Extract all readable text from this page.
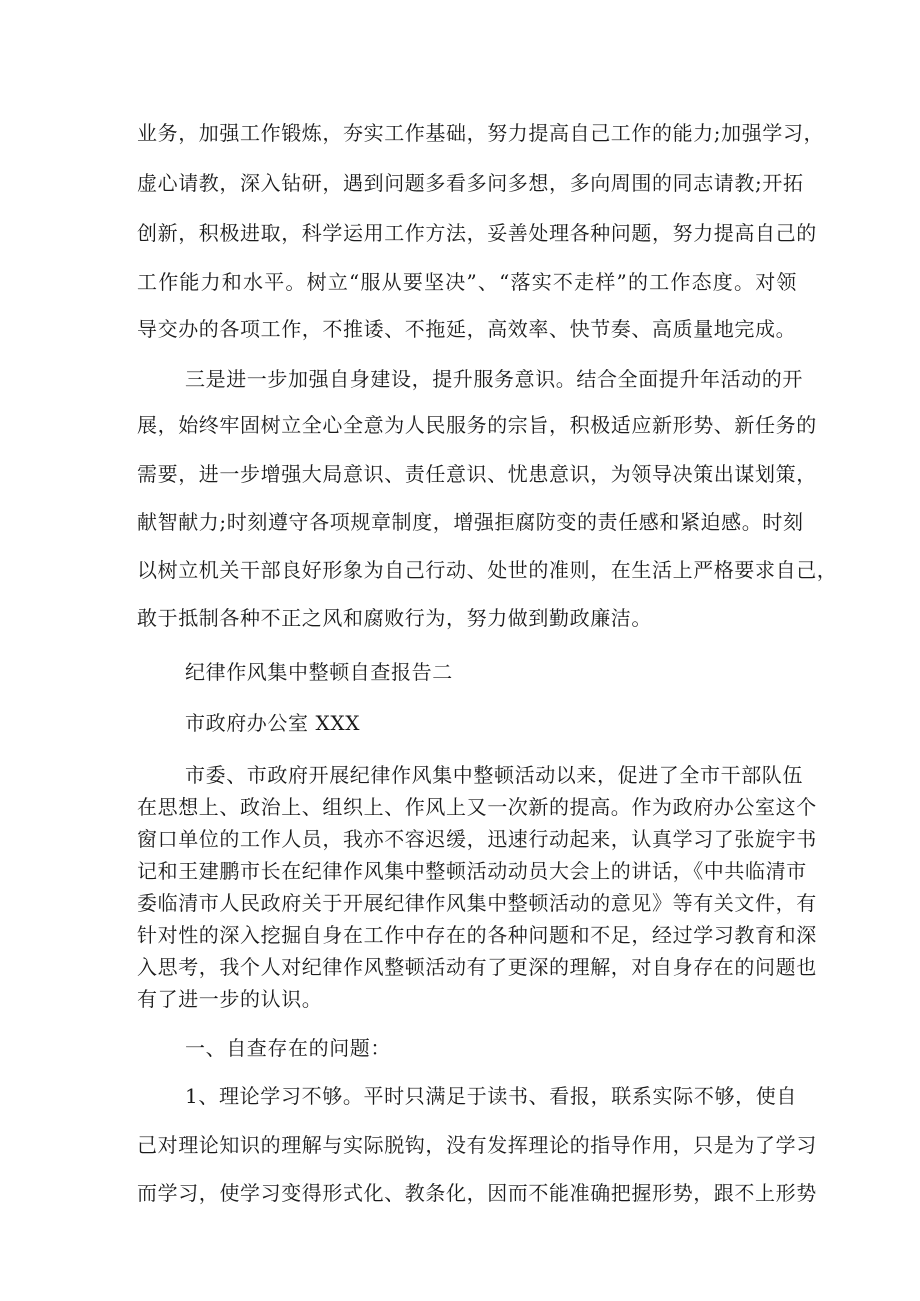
业务，加强工作锻炼，夯实工作基础，努力提高自己工作的能力;加强学习，
虚心请教，深入钻研，遇到问题多看多问多想，多向周围的同志请教;开拓
创新，积极进取，科学运用工作方法，妥善处理各种问题，努力提高自己的
工作能力和水平。树立“服从要坚决”、“落实不走样”的工作态度。对领
导交办的各项工作，不推诿、不拖延，高效率、快节奏、高质量地完成。
三是进一步加强自身建设，提升服务意识。结合全面提升年活动的开
展，始终牢固树立全心全意为人民服务的宗旨，积极适应新形势、新任务的
需要，进一步增强大局意识、责任意识、忧患意识，为领导决策出谋划策，
献智献力;时刻遵守各项规章制度，增强拒腐防变的责任感和紧迫感。时刻
以树立机关干部良好形象为自己行动、处世的准则，在生活上严格要求自己，
敢于抵制各种不正之风和腐败行为，努力做到勤政廉洁。
纪律作风集中整顿自查报告二
市政府办公室 XXX
市委、市政府开展纪律作风集中整顿活动以来，促进了全市干部队伍
在思想上、政治上、组织上、作风上又一次新的提高。作为政府办公室这个
窗口单位的工作人员，我亦不容迟缓，迅速行动起来，认真学习了张旋宇书
记和王建鹏市长在纪律作风集中整顿活动动员大会上的讲话，《中共临清市
委临清市人民政府关于开展纪律作风集中整顿活动的意见》等有关文件，有
针对性的深入挖掘自身在工作中存在的各种问题和不足，经过学习教育和深
入思考，我个人对纪律作风整顿活动有了更深的理解，对自身存在的问题也
有了进一步的认识。
一、自查存在的问题：
1、理论学习不够。平时只满足于读书、看报，联系实际不够，使自
己对理论知识的理解与实际脱钩，没有发挥理论的指导作用，只是为了学习
而学习，使学习变得形式化、教条化，因而不能准确把握形势，跟不上形势
